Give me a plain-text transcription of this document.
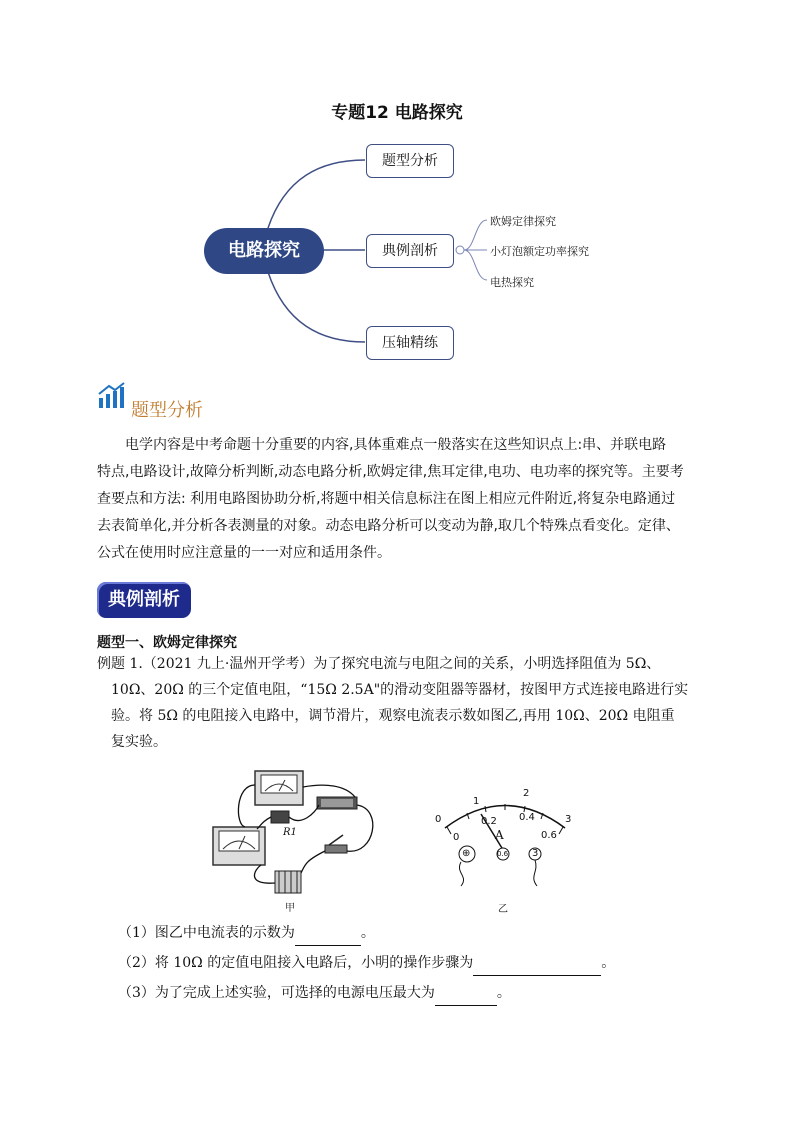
专题12 电路探究
电路探究
题型分析
典例剖析
压轴精练
欧姆定律探究
小灯泡额定功率探究
电热探究
题型分析
电学内容是中考命题十分重要的内容,具体重难点一般落实在这些知识点上:串、并联电路
特点,电路设计,故障分析判断,动态电路分析,欧姆定律,焦耳定律,电功、电功率的探究等。主要考
查要点和方法: 利用电路图协助分析,将题中相关信息标注在图上相应元件附近,将复杂电路通过
去表简单化,并分析各表测量的对象。动态电路分析可以变动为静,取几个特殊点看变化。定律、
公式在使用时应注意量的一一对应和适用条件。
典例剖析
题型一、欧姆定律探究
例题 1.（2021 九上·温州开学考）为了探究电流与电阻之间的关系，小明选择阻值为 5Ω、
10Ω、20Ω 的三个定值电阻，“15Ω 2.5A"的滑动变阻器等器材，按图甲方式连接电路进行实
验。将 5Ω 的电阻接入电路中，调节滑片，观察电流表示数如图乙,再用 10Ω、20Ω 电阻重
复实验。
R1
甲
0
1
2
3
0
0.2 0.4
0.6
A
⊕	0.6 3
乙
（1）图乙中电流表的示数为	。
（2）将 10Ω 的定值电阻接入电路后，小明的操作步骤为	。
（3）为了完成上述实验，可选择的电源电压最大为	。
